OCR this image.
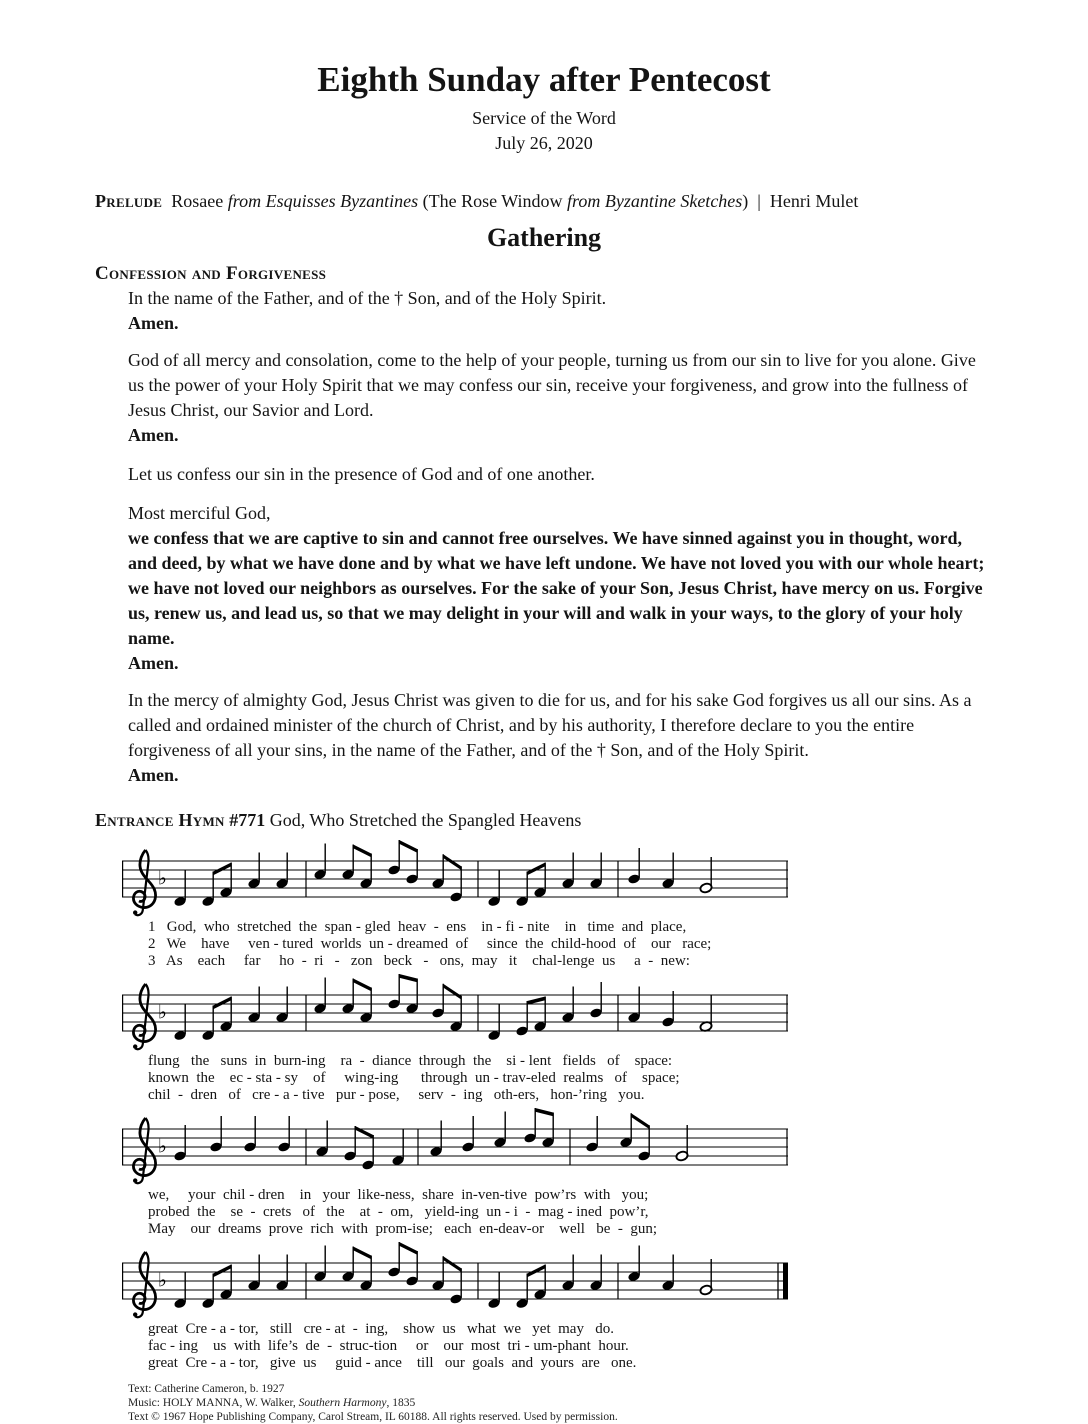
Eighth Sunday after Pentecost
Service of the Word
July 26, 2020
Prelude  Rosaee from Esquisses Byzantines (The Rose Window from Byzantine Sketches)  |  Henri Mulet
Gathering
Confession and Forgiveness
In the name of the Father, and of the † Son, and of the Holy Spirit.
Amen.
God of all mercy and consolation, come to the help of your people, turning us from our sin to live for you alone. Give us the power of your Holy Spirit that we may confess our sin, receive your forgiveness, and grow into the fullness of Jesus Christ, our Savior and Lord.
Amen.
Let us confess our sin in the presence of God and of one another.
Most merciful God,
we confess that we are captive to sin and cannot free ourselves. We have sinned against you in thought, word, and deed, by what we have done and by what we have left undone. We have not loved you with our whole heart; we have not loved our neighbors as ourselves. For the sake of your Son, Jesus Christ, have mercy on us. Forgive us, renew us, and lead us, so that we may delight in your will and walk in your ways, to the glory of your holy name.
Amen.
In the mercy of almighty God, Jesus Christ was given to die for us, and for his sake God forgives us all our sins. As a called and ordained minister of the church of Christ, and by his authority, I therefore declare to you the entire forgiveness of all your sins, in the name of the Father, and of the † Son, and of the Holy Spirit.
Amen.
Entrance Hymn #771 God, Who Stretched the Spangled Heavens
♭
1   God,  who  stretched  the  span - gled  heav  -  ens    in - fi - nite    in   time  and  place,
2   We    have     ven - tured  worlds  un - dreamed  of     since  the  child-hood  of    our   race;
3   As    each     far     ho  -  ri   -   zon   beck   -   ons,  may   it    chal-lenge  us     a  -  new:
♭
flung   the   suns  in  burn-ing    ra  -  diance  through  the    si - lent   fields   of    space:
known  the    ec - sta - sy    of     wing-ing      through  un - trav-eled  realms   of    space;
chil  -  dren   of   cre - a - tive   pur - pose,     serv  -  ing   oth-ers,   hon-’ring   you.
♭
we,     your  chil - dren    in   your  like-ness,  share  in-ven-tive  pow’rs  with   you;
probed  the    se  -  crets   of   the    at  -  om,   yield-ing  un - i  -  mag - ined  pow’r,
May    our  dreams  prove  rich  with  prom-ise;   each  en-deav-or    well   be  -  gun;
♭
great  Cre - a - tor,   still   cre - at  -  ing,    show  us   what  we   yet  may   do.
fac - ing    us  with  life’s  de  -  struc-tion     or    our  most  tri - um-phant  hour.
great  Cre - a - tor,   give  us     guid - ance    till   our  goals  and  yours  are   one.
Text: Catherine Cameron, b. 1927
Music: HOLY MANNA, W. Walker, Southern Harmony, 1835
Text © 1967 Hope Publishing Company, Carol Stream, IL 60188. All rights reserved. Used by permission.
